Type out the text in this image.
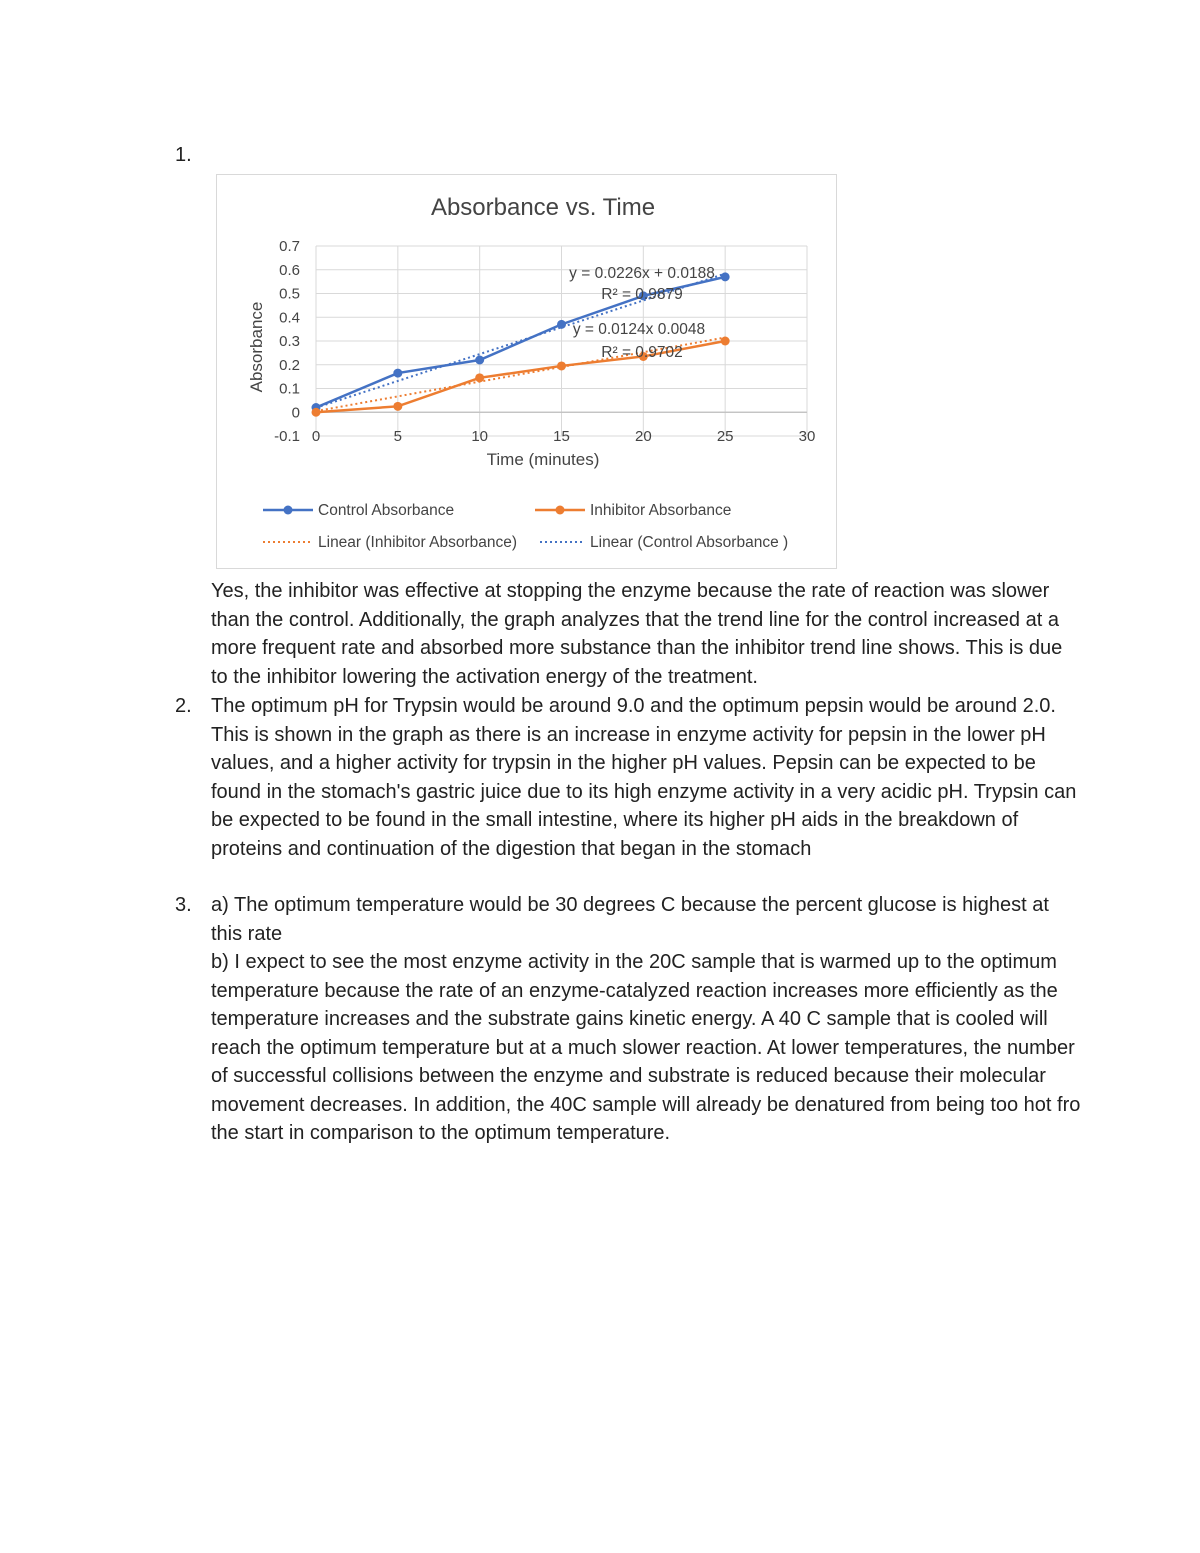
1.
Absorbance vs. Time
-0.1
0
0.1
0.2
0.3
0.4
0.5
0.6
0.7
0	5	10	15	20	25	30
Time (minutes)
Absorbance
y = 0.0226x + 0.0188
R² = 0.9879
y = 0.0124x 0.0048
R² = 0.9702
Control Absorbance	Inhibitor Absorbance
Linear (Inhibitor Absorbance)	Linear (Control Absorbance )

Yes, the inhibitor was effective at stopping the enzyme because the rate of reaction was slower than the control. Additionally, the graph analyzes that the trend line for the control increased at a more frequent rate and absorbed more substance than the inhibitor trend line shows. This is due to the inhibitor lowering the activation energy of the treatment.

2. The optimum pH for Trypsin would be around 9.0 and the optimum pepsin would be around 2.0. This is shown in the graph as there is an increase in enzyme activity for pepsin in the lower pH values, and a higher activity for trypsin in the higher pH values. Pepsin can be expected to be found in the stomach's gastric juice due to its high enzyme activity in a very acidic pH. Trypsin can be expected to be found in the small intestine, where its higher pH aids in the breakdown of proteins and continuation of the digestion that began in the stomach

3. a) The optimum temperature would be 30 degrees C because the percent glucose is highest at this rate

b) I expect to see the most enzyme activity in the 20C sample that is warmed up to the optimum temperature because the rate of an enzyme-catalyzed reaction increases more efficiently as the temperature increases and the substrate gains kinetic energy. A 40 C sample that is cooled will reach the optimum temperature but at a much slower reaction. At lower temperatures, the number of successful collisions between the enzyme and substrate is reduced because their molecular movement decreases. In addition, the 40C sample will already be denatured from being too hot fro the start in comparison to the optimum temperature.
